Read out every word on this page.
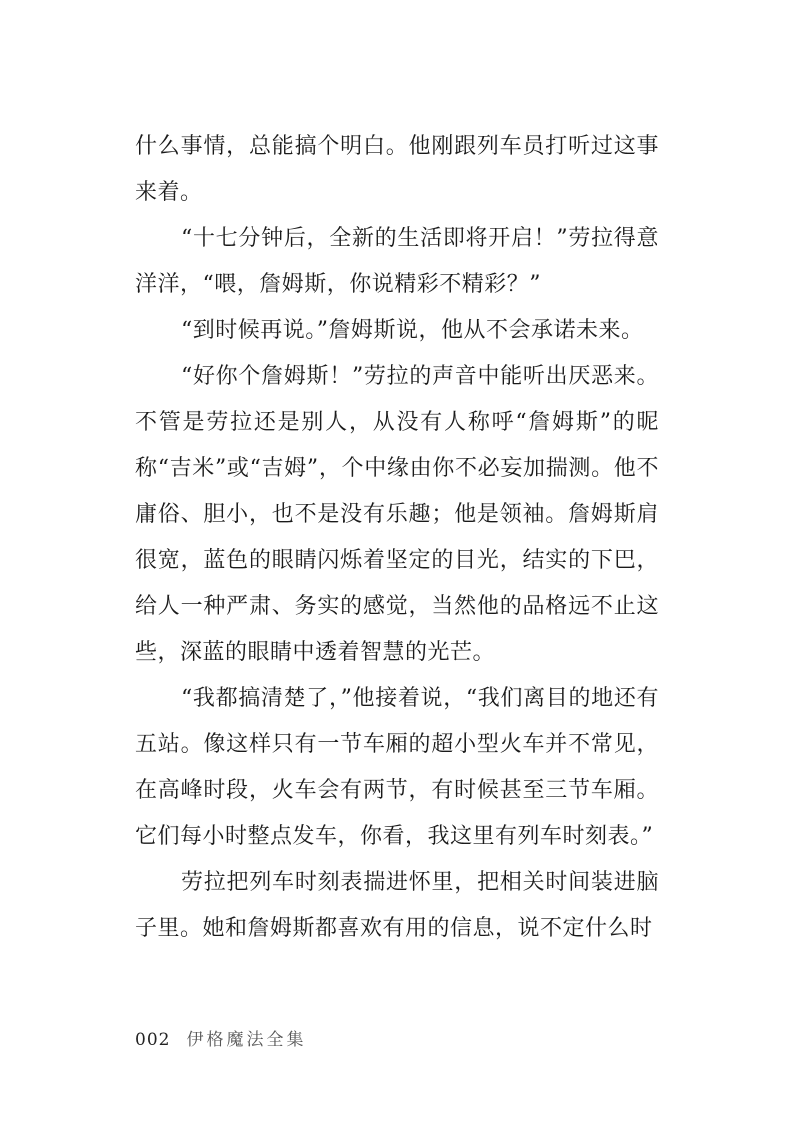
什么事情，总能搞个明白。他刚跟列车员打听过这事来着。

“十七分钟后，全新的生活即将开启！”劳拉得意洋洋，“喂，詹姆斯，你说精彩不精彩？”

“到时候再说。”詹姆斯说，他从不会承诺未来。

“好你个詹姆斯！”劳拉的声音中能听出厌恶来。不管是劳拉还是别人，从没有人称呼“詹姆斯”的昵称“吉米”或“吉姆”，个中缘由你不必妄加揣测。他不庸俗、胆小，也不是没有乐趣；他是领袖。詹姆斯肩很宽，蓝色的眼睛闪烁着坚定的目光，结实的下巴，给人一种严肃、务实的感觉，当然他的品格远不止这些，深蓝的眼睛中透着智慧的光芒。

“我都搞清楚了，”他接着说，“我们离目的地还有五站。像这样只有一节车厢的超小型火车并不常见，在高峰时段，火车会有两节，有时候甚至三节车厢。它们每小时整点发车，你看，我这里有列车时刻表。”

劳拉把列车时刻表揣进怀里，把相关时间装进脑子里。她和詹姆斯都喜欢有用的信息，说不定什么时

002 伊格魔法全集
